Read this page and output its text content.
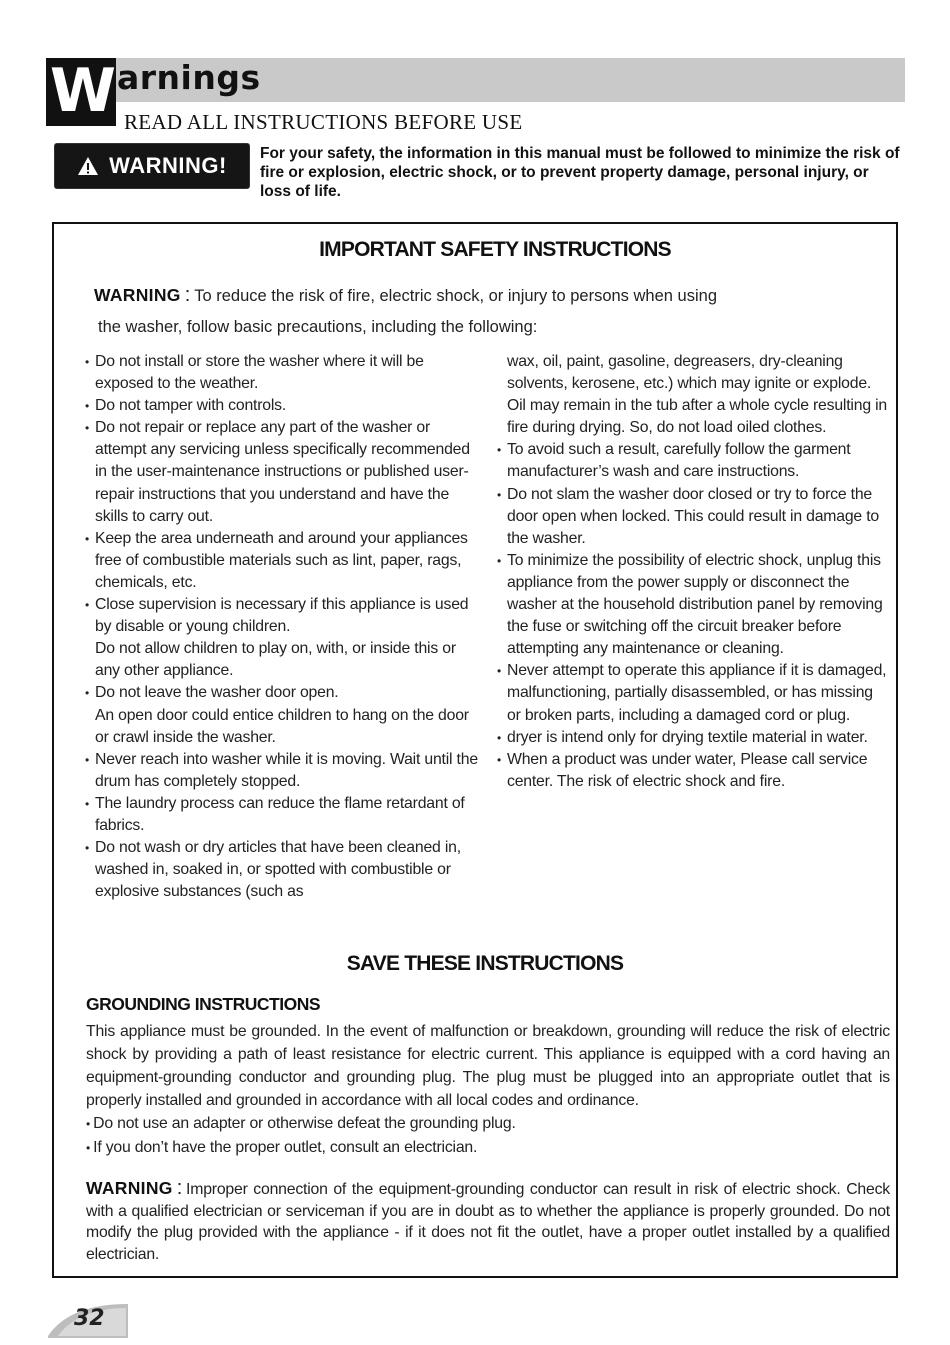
W arnings
READ ALL INSTRUCTIONS BEFORE USE
WARNING! For your safety, the information in this manual must be followed to minimize the risk of fire or explosion, electric shock, or to prevent property damage, personal injury, or loss of life.
IMPORTANT SAFETY INSTRUCTIONS
WARNING : To reduce the risk of fire, electric shock, or injury to persons when using
the washer, follow basic precautions, including the following:

• Do not install or store the washer where it will be exposed to the weather.

• Do not tamper with controls.

• Do not repair or replace any part of the washer or attempt any servicing unless specifically recommended in the user-maintenance instructions or published user-repair instructions that you understand and have the skills to carry out.

• Keep the area underneath and around your appliances free of combustible materials such as lint, paper, rags, chemicals, etc.

• Close supervision is necessary if this appliance is used by disable or young children.

Do not allow children to play on, with, or inside this or any other appliance.

• Do not leave the washer door open.

An open door could entice children to hang on the door or crawl inside the washer.

• Never reach into washer while it is moving. Wait until the drum has completely stopped.

• The laundry process can reduce the flame retardant of fabrics.

• Do not wash or dry articles that have been cleaned in, washed in, soaked in, or spotted with combustible or explosive substances (such as

wax, oil, paint, gasoline, degreasers, dry-cleaning solvents, kerosene, etc.) which may ignite or explode. Oil may remain in the tub after a whole cycle resulting in fire during drying. So, do not load oiled clothes.

• To avoid such a result, carefully follow the garment manufacturer’s wash and care instructions.

• Do not slam the washer door closed or try to force the door open when locked. This could result in damage to the washer.

• To minimize the possibility of electric shock, unplug this appliance from the power supply or disconnect the washer at the household distribution panel by removing the fuse or switching off the circuit breaker before attempting any maintenance or cleaning.

• Never attempt to operate this appliance if it is damaged, malfunctioning, partially disassembled, or has missing or broken parts, including a damaged cord or plug.

• dryer is intend only for drying textile material in water.

• When a product was under water, Please call service center. The risk of electric shock and fire.

SAVE THESE INSTRUCTIONS
GROUNDING INSTRUCTIONS

This appliance must be grounded. In the event of malfunction or breakdown, grounding will reduce the risk of electric shock by providing a path of least resistance for electric current. This appliance is equipped with a cord having an equipment-grounding conductor and grounding plug. The plug must be plugged into an appropriate outlet that is properly installed and grounded in accordance with all local codes and ordinance.

• Do not use an adapter or otherwise defeat the grounding plug.

• If you don’t have the proper outlet, consult an electrician.

WARNING : Improper connection of the equipment-grounding conductor can result in risk of electric shock. Check with a qualified electrician or serviceman if you are in doubt as to whether the appliance is properly grounded. Do not modify the plug provided with the appliance - if it does not fit the outlet, have a proper outlet installed by a qualified electrician.
32
